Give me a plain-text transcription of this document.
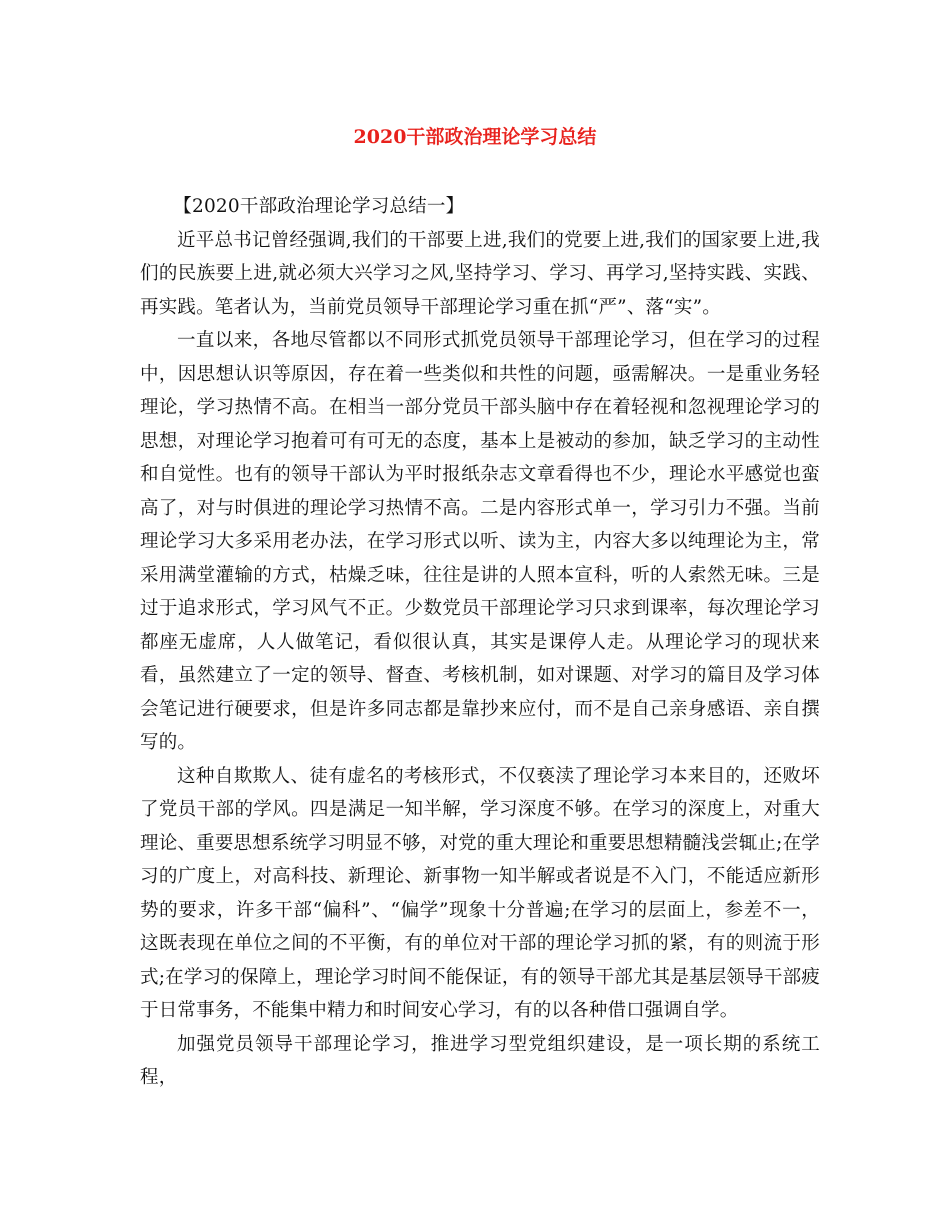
2020干部政治理论学习总结

【2020干部政治理论学习总结一】

近平总书记曾经强调,我们的干部要上进,我们的党要上进,我们的国家要上进,我们的民族要上进,就必须大兴学习之风,坚持学习、学习、再学习,坚持实践、实践、再实践。笔者认为，当前党员领导干部理论学习重在抓“严”、落“实”。

一直以来，各地尽管都以不同形式抓党员领导干部理论学习，但在学习的过程中，因思想认识等原因，存在着一些类似和共性的问题，亟需解决。一是重业务轻理论，学习热情不高。在相当一部分党员干部头脑中存在着轻视和忽视理论学习的思想，对理论学习抱着可有可无的态度，基本上是被动的参加，缺乏学习的主动性和自觉性。也有的领导干部认为平时报纸杂志文章看得也不少，理论水平感觉也蛮高了，对与时俱进的理论学习热情不高。二是内容形式单一，学习引力不强。当前理论学习大多采用老办法，在学习形式以听、读为主，内容大多以纯理论为主，常采用满堂灌输的方式，枯燥乏味，往往是讲的人照本宣科，听的人索然无味。三是过于追求形式，学习风气不正。少数党员干部理论学习只求到课率，每次理论学习都座无虚席，人人做笔记，看似很认真，其实是课停人走。从理论学习的现状来看，虽然建立了一定的领导、督查、考核机制，如对课题、对学习的篇目及学习体会笔记进行硬要求，但是许多同志都是靠抄来应付，而不是自己亲身感语、亲自撰写的。

这种自欺欺人、徒有虚名的考核形式，不仅亵渎了理论学习本来目的，还败坏了党员干部的学风。四是满足一知半解，学习深度不够。在学习的深度上，对重大理论、重要思想系统学习明显不够，对党的重大理论和重要思想精髓浅尝辄止;在学习的广度上，对高科技、新理论、新事物一知半解或者说是不入门，不能适应新形势的要求，许多干部“偏科”、“偏学”现象十分普遍;在学习的层面上，参差不一，这既表现在单位之间的不平衡，有的单位对干部的理论学习抓的紧，有的则流于形式;在学习的保障上，理论学习时间不能保证，有的领导干部尤其是基层领导干部疲于日常事务，不能集中精力和时间安心学习，有的以各种借口强调自学。

加强党员领导干部理论学习，推进学习型党组织建设，是一项长期的系统工程，
